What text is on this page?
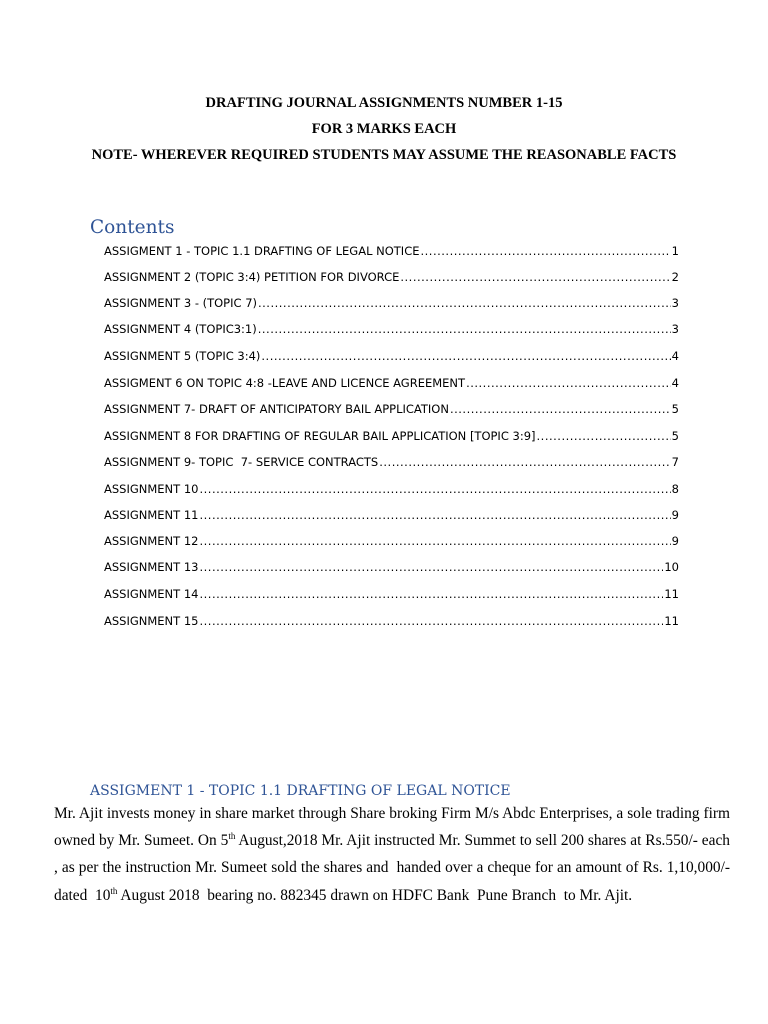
DRAFTING JOURNAL ASSIGNMENTS NUMBER 1-15
FOR 3 MARKS EACH
NOTE- WHEREVER REQUIRED STUDENTS MAY ASSUME THE REASONABLE FACTS
Contents
ASSIGMENT 1 - TOPIC 1.1 DRAFTING OF LEGAL NOTICE .....	1
ASSIGNMENT 2 (TOPIC 3:4) PETITION FOR DIVORCE .....	2
ASSIGNMENT 3 - (TOPIC 7) .....	3
ASSIGNMENT 4 (TOPIC3:1) .....	3
ASSIGNMENT 5 (TOPIC 3:4) .....	4
ASSIGMENT 6 ON TOPIC 4:8 -LEAVE AND LICENCE AGREEMENT .....	4
ASSIGNMENT 7- DRAFT OF ANTICIPATORY BAIL APPLICATION .....	5
ASSIGNMENT 8 FOR DRAFTING OF REGULAR BAIL APPLICATION [TOPIC 3:9] .....	5
ASSIGNMENT 9- TOPIC  7- SERVICE CONTRACTS .....	7
ASSIGNMENT 10 .....	8
ASSIGNMENT 11 .....	9
ASSIGNMENT 12 .....	9
ASSIGNMENT 13 .....	10
ASSIGNMENT 14 .....	11
ASSIGNMENT 15 .....	11
ASSIGMENT 1 - TOPIC 1.1 DRAFTING OF LEGAL NOTICE

Mr. Ajit invests money in share market through Share broking Firm M/s Abdc Enterprises, a sole trading firm owned by Mr. Sumeet. On 5th August,2018 Mr. Ajit instructed Mr. Summet to sell 200 shares at Rs.550/- each , as per the instruction Mr. Sumeet sold the shares and  handed over a cheque for an amount of Rs. 1,10,000/- dated  10th August 2018  bearing no. 882345 drawn on HDFC Bank  Pune Branch  to Mr. Ajit.
